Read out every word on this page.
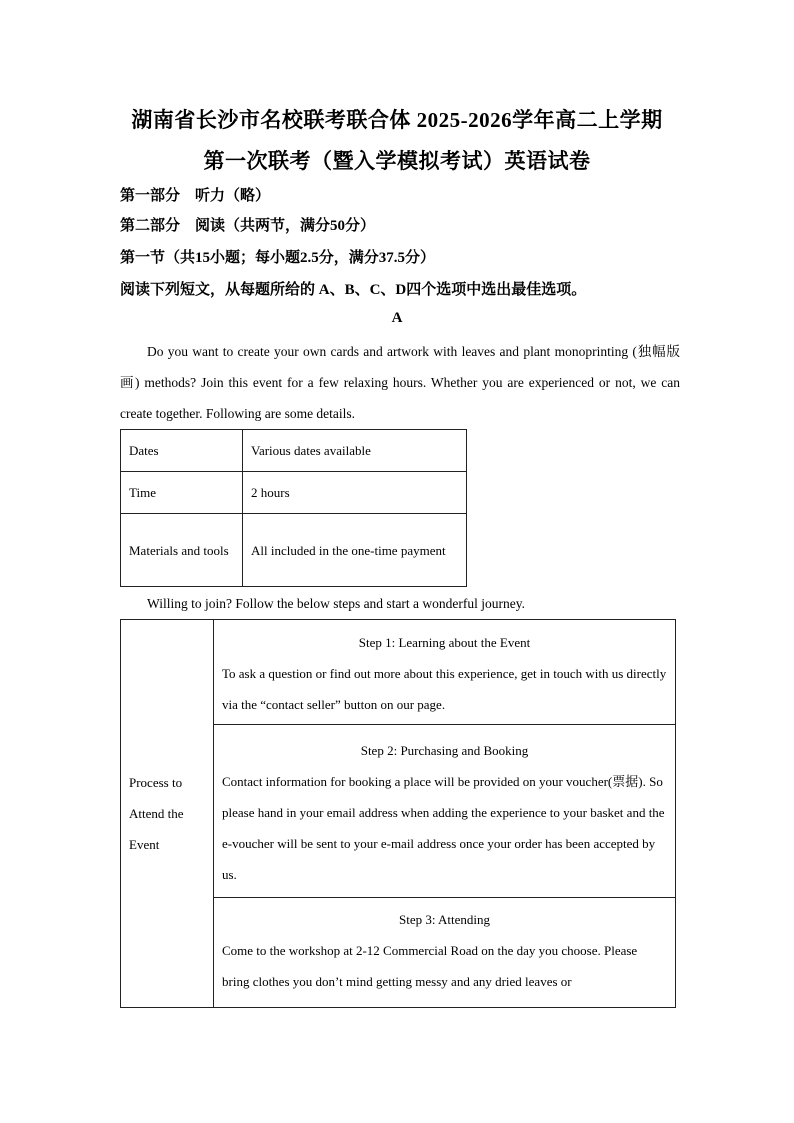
湖南省长沙市名校联考联合体 2025-2026学年高二上学期
第一次联考（暨入学模拟考试）英语试卷
第一部分　听力（略）
第二部分　阅读（共两节，满分50分）
第一节（共15小题；每小题2.5分，满分37.5分）
阅读下列短文，从每题所给的 A、B、C、D四个选项中选出最佳选项。
A
Do you want to create your own cards and artwork with leaves and plant monoprinting (独幅版画) methods? Join this event for a few relaxing hours. Whether you are experienced or not, we can create together. Following are some details.
Dates	Various dates available
Time	2 hours
Materials and tools	All included in the one-time payment
Willing to join? Follow the below steps and start a wonderful journey.
Process to Attend the Event	
Step 1: Learning about the Event
To ask a question or find out more about this experience, get in touch with us directly via the “contact seller” button on our page.

Step 2: Purchasing and Booking
Contact information for booking a place will be provided on your voucher(票据). So please hand in your email address when adding the experience to your basket and the e-voucher will be sent to your e-mail address once your order has been accepted by us.

Step 3: Attending
Come to the workshop at 2-12 Commercial Road on the day you choose. Please bring clothes you don’t mind getting messy and any dried leaves or
